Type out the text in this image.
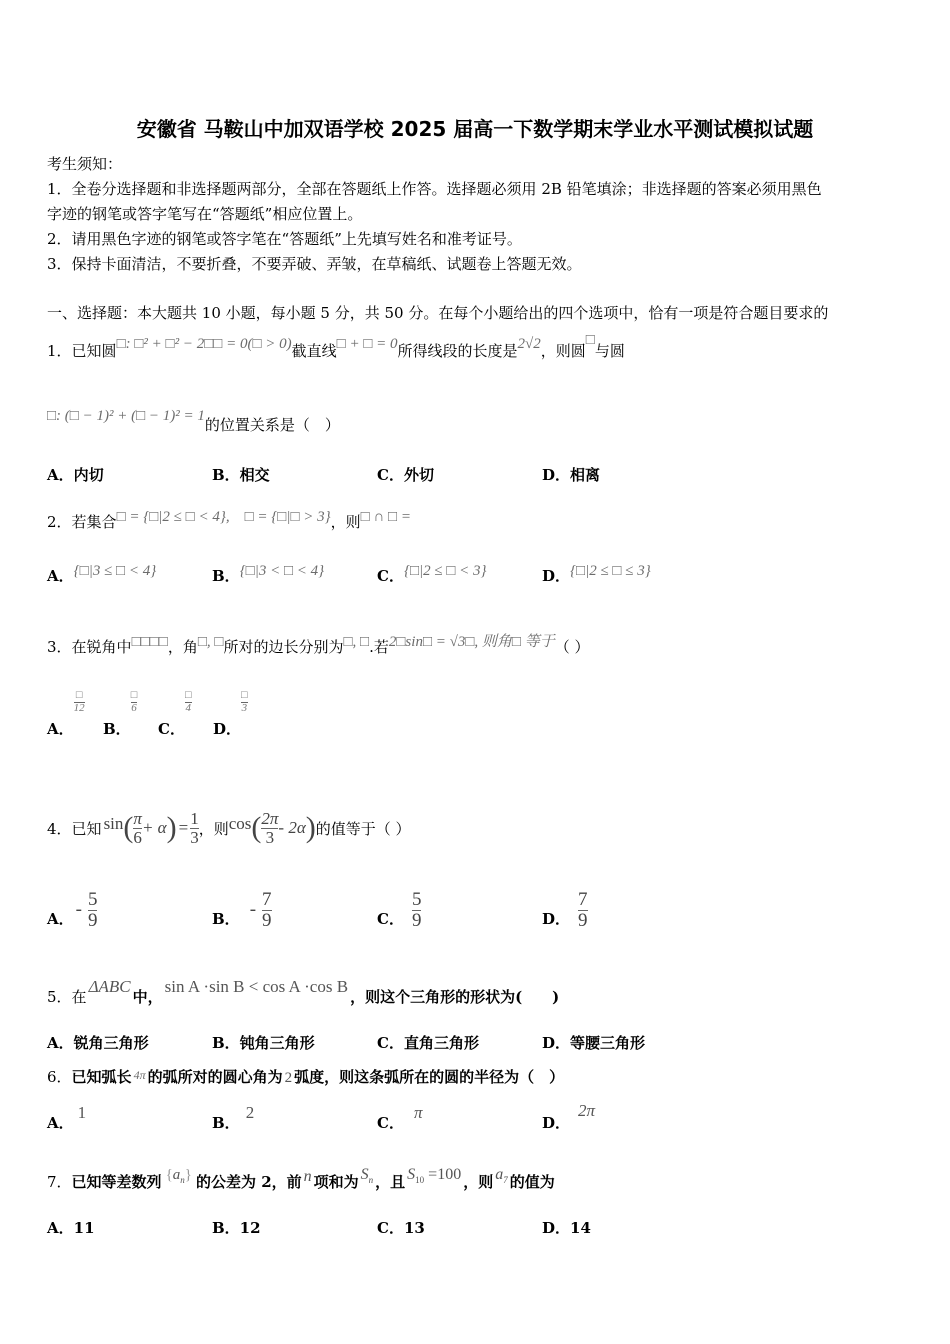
安徽省 马鞍山中加双语学校 2025 届高一下数学期末学业水平测试模拟试题
考生须知：
1．全卷分选择题和非选择题两部分，全部在答题纸上作答。选择题必须用 2B 铅笔填涂；非选择题的答案必须用黑色
字迹的钢笔或答字笔写在“答题纸”相应位置上。
2．请用黑色字迹的钢笔或答字笔在“答题纸”上先填写姓名和准考证号。
3．保持卡面清洁，不要折叠，不要弄破、弄皱，在草稿纸、试题卷上答题无效。
一、选择题：本大题共 10 小题，每小题 5 分，共 50 分。在每个小题给出的四个选项中，恰有一项是符合题目要求的
1．已知圆□: □² + □² − 2□□ = 0(□ > 0)截直线□ + □ = 0所得线段的长度是2√2，则圆□与圆
□: (□ − 1)² + (□ − 1)² = 1的位置关系是（　）
A．内切	B．相交	C．外切	D．相离
2．若集合□ = {□|2 ≤ □ < 4},　□ = {□|□ > 3}，则□ ∩ □ =
A．{□|3 ≤ □ < 4}	B．{□|3 < □ < 4}	C．{□|2 ≤ □ < 3}	D．{□|2 ≤ □ ≤ 3}
3．在锐角中□□□□，角□, □所对的边长分别为□, □.若2□sin□ = √3□, 则角□ 等于（ ）
A．
$\frac{□}{12}$
B．
$\frac{□}{6}$
C．
$\frac{□}{4}$
D．
$\frac{□}{3}$
4． 已知 sin ( $\frac{\pi}{6} + \alpha$ ) = $\frac{1}{3}$ ，则 cos ( $\frac{2\pi}{3} - 2\alpha$ ) 的值等于（ ）
A． - $\frac{5}{9}$	B． - $\frac{7}{9}$	C． $\frac{5}{9}$	D． $\frac{7}{9}$
5．在ΔABC中，sin A ·sin B < cos A ·cos B，则这个三角形的形状为(　　)
A．锐角三角形	B．钝角三角形	C．直角三角形	D．等腰三角形
6．已知弧长 $^{4\pi}$ 的弧所对的圆心角为 2 弧度，则这条弧所在的圆的半径为（　）
A．1
B．2
C．π
D．2π
7．已知等差数列 $\{a_n\}$ 的公差为 2，前 n 项和为 $S_n$ ，且 $S_{10} =100$ ，则 $a_7$ 的值为
A．11	B．12	C．13	D．14
